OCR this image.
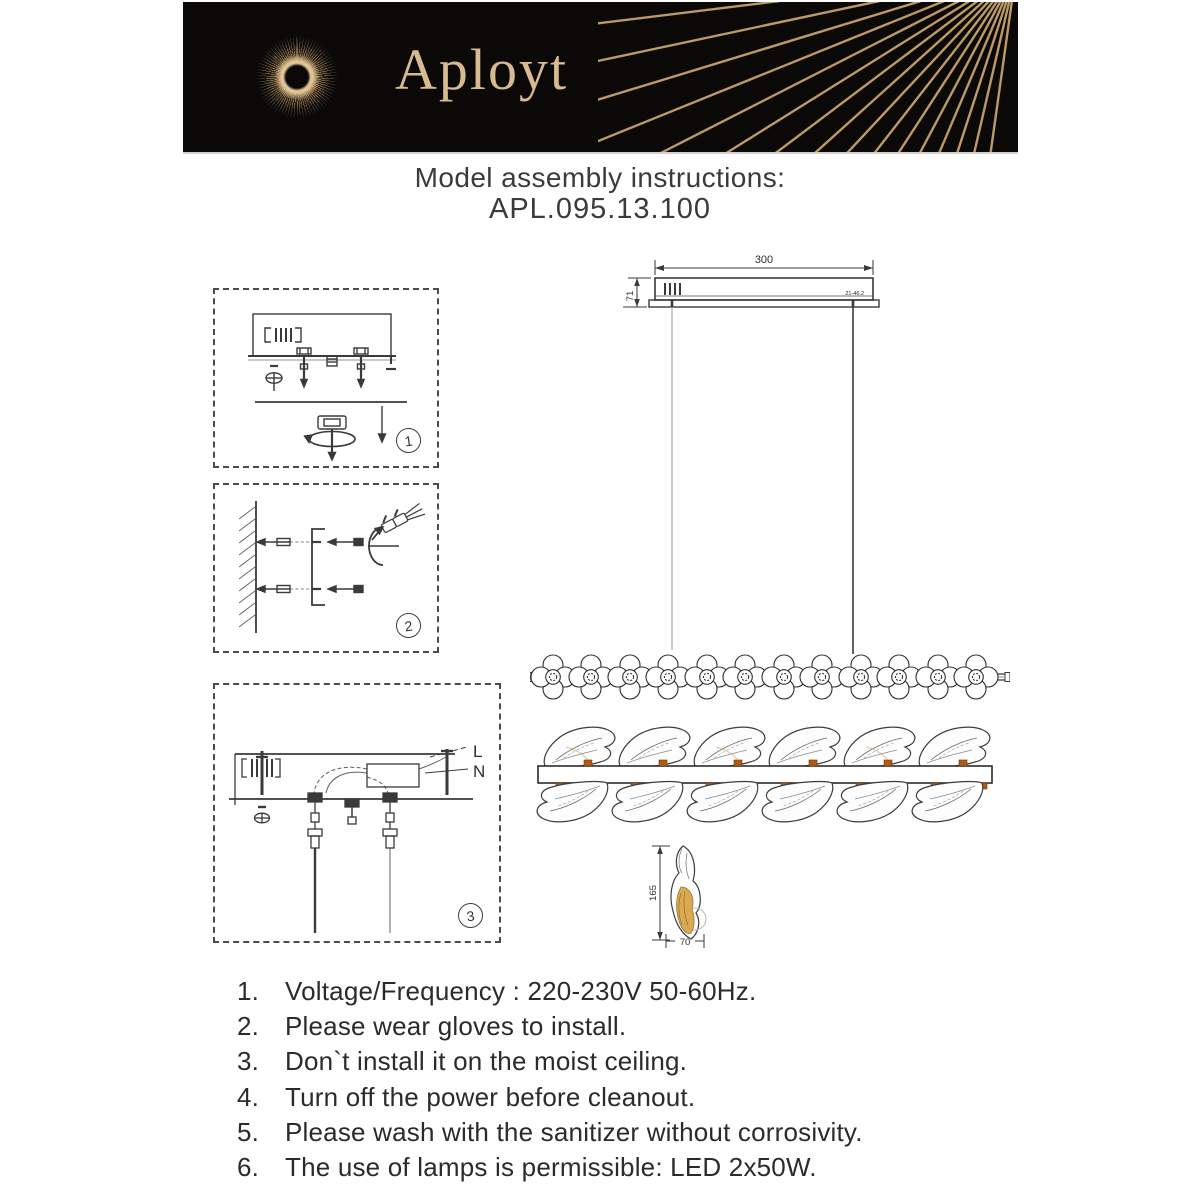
Aployt
Model assembly instructions:
APL.095.13.100
1
2
L
N
3
300
21-46.2
71
165
70
1. Voltage/Frequency : 220-230V 50-60Hz.
2. Please wear gloves to install.
3. Don`t install it on the moist ceiling.
4. Turn off the power before cleanout.
5. Please wash with the sanitizer without corrosivity.
6. The use of lamps is permissible: LED 2x50W.
